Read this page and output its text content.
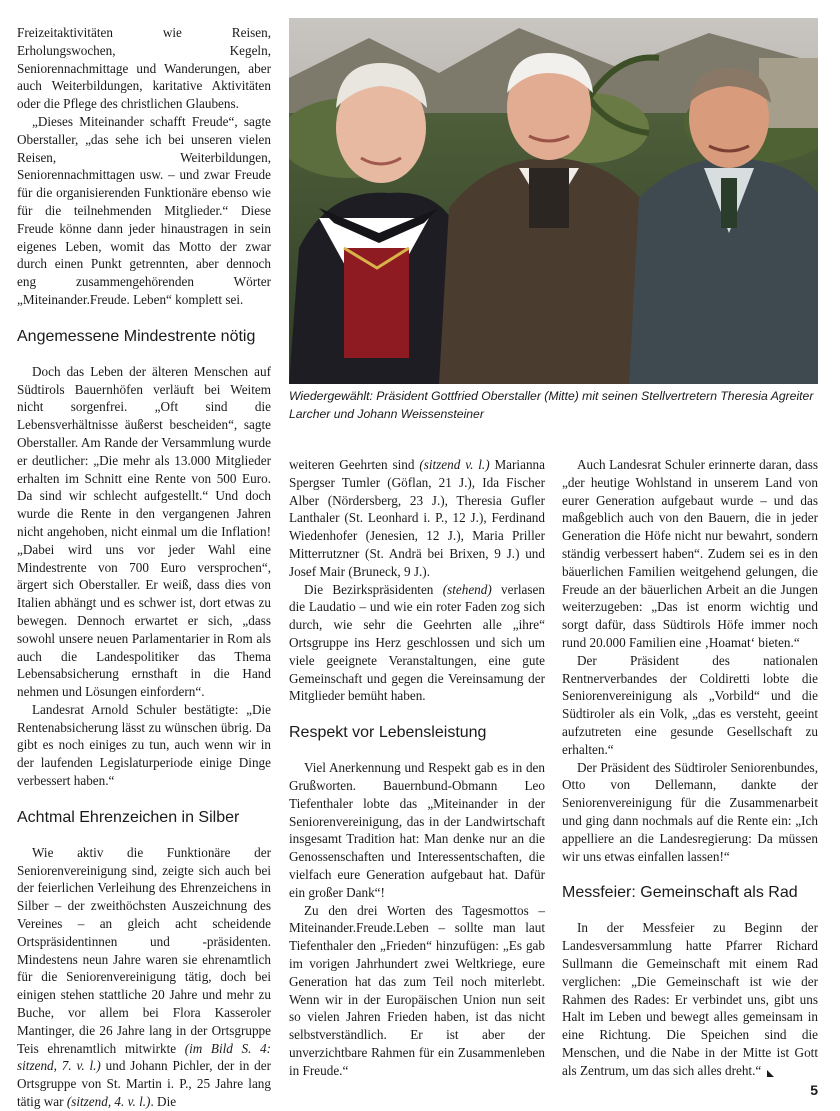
Wiedergewählt: Präsident Gottfried Oberstaller (Mitte) mit seinen Stellvertretern Theresia Agreiter Larcher und Johann Weissensteiner

Freizeitaktivitäten wie Reisen, Erholungswochen, Kegeln, Seniorennachmittage und Wanderungen, aber auch Weiterbildungen, karitative Aktivitäten oder die Pflege des christlichen Glaubens.

„Dieses Miteinander schafft Freude“, sagte Oberstaller, „das sehe ich bei unseren vielen Reisen, Weiterbildungen, Seniorennachmittagen usw. – und zwar Freude für die organisierenden Funktionäre ebenso wie für die teilnehmenden Mitglieder.“ Diese Freude könne dann jeder hinaustragen in sein eigenes Leben, womit das Motto der zwar durch einen Punkt getrennten, aber dennoch eng zusammengehörenden Wörter „Miteinander.Freude. Leben“ komplett sei.

Angemessene Mindestrente nötig

Doch das Leben der älteren Menschen auf Südtirols Bauernhöfen verläuft bei Weitem nicht sorgenfrei. „Oft sind die Lebensverhältnisse äußerst bescheiden“, sagte Oberstaller. Am Rande der Versammlung wurde er deutlicher: „Die mehr als 13.000 Mitglieder erhalten im Schnitt eine Rente von 500 Euro. Da sind wir schlecht aufgestellt.“ Und doch wurde die Rente in den vergangenen Jahren nicht angehoben, nicht einmal um die Inflation! „Dabei wird uns vor jeder Wahl eine Mindestrente von 700 Euro versprochen“, ärgert sich Oberstaller. Er weiß, dass dies von Italien abhängt und es schwer ist, dort etwas zu bewegen. Dennoch erwartet er sich, „dass sowohl unsere neuen Parlamentarier in Rom als auch die Landespolitiker das Thema Lebensabsicherung ernsthaft in die Hand nehmen und Lösungen einfordern“.

Landesrat Arnold Schuler bestätigte: „Die Rentenabsicherung lässt zu wünschen übrig. Da gibt es noch einiges zu tun, auch wenn wir in der laufenden Legislaturperiode einige Dinge verbessert haben.“

Achtmal Ehrenzeichen in Silber

Wie aktiv die Funktionäre der Seniorenvereinigung sind, zeigte sich auch bei der feierlichen Verleihung des Ehrenzeichens in Silber – der zweithöchsten Auszeichnung des Vereines – an gleich acht scheidende Ortspräsidentinnen und -präsidenten. Mindestens neun Jahre waren sie ehrenamtlich für die Seniorenvereinigung tätig, doch bei einigen stehen stattliche 20 Jahre und mehr zu Buche, vor allem bei Flora Kasseroler Mantinger, die 26 Jahre lang in der Ortsgruppe Teis ehrenamtlich mitwirkte (im Bild S. 4: sitzend, 7. v. l.) und Johann Pichler, der in der Ortsgruppe von St. Martin i. P., 25 Jahre lang tätig war (sitzend, 4. v. l.). Die

weiteren Geehrten sind (sitzend v. l.) Marianna Spergser Tumler (Göflan, 21 J.), Ida Fischer Alber (Nördersberg, 23 J.), Theresia Gufler Lanthaler (St. Leonhard i. P., 12 J.), Ferdinand Wiedenhofer (Jenesien, 12 J.), Maria Priller Mitterrutzner (St. Andrä bei Brixen, 9 J.) und Josef Mair (Bruneck, 9 J.).

Die Bezirkspräsidenten (stehend) verlasen die Laudatio – und wie ein roter Faden zog sich durch, wie sehr die Geehrten alle „ihre“ Ortsgruppe ins Herz geschlossen und sich um viele geeignete Veranstaltungen, eine gute Gemeinschaft und gegen die Vereinsamung der Mitglieder bemüht haben.

Respekt vor Lebensleistung

Viel Anerkennung und Respekt gab es in den Grußworten. Bauernbund-Obmann Leo Tiefenthaler lobte das „Miteinander in der Seniorenvereinigung, das in der Landwirtschaft insgesamt Tradition hat: Man denke nur an die Genossenschaften und Interessentschaften, die vielfach eure Generation aufgebaut hat. Dafür ein großer Dank“!

Zu den drei Worten des Tagesmottos – Miteinander.Freude.Leben – sollte man laut Tiefenthaler den „Frieden“ hinzufügen: „Es gab im vorigen Jahrhundert zwei Weltkriege, eure Generation hat das zum Teil noch miterlebt. Wenn wir in der Europäischen Union nun seit so vielen Jahren Frieden haben, ist das nicht selbstverständlich. Er ist aber der unverzichtbare Rahmen für ein Zusammenleben in Freude.“

Auch Landesrat Schuler erinnerte daran, dass „der heutige Wohlstand in unserem Land von eurer Generation aufgebaut wurde – und das maßgeblich auch von den Bauern, die in jeder Generation die Höfe nicht nur bewahrt, sondern ständig verbessert haben“. Zudem sei es in den bäuerlichen Familien weitgehend gelungen, die Freude an der bäuerlichen Arbeit an die Jungen weiterzugeben: „Das ist enorm wichtig und sorgt dafür, dass Südtirols Höfe immer noch rund 20.000 Familien eine ‚Hoamat‘ bieten.“

Der Präsident des nationalen Rentnerverbandes der Coldiretti lobte die Seniorenvereinigung als „Vorbild“ und die Südtiroler als ein Volk, „das es versteht, geeint aufzutreten eine gesunde Gesellschaft zu erhalten.“

Der Präsident des Südtiroler Seniorenbundes, Otto von Dellemann, dankte der Seniorenvereinigung für die Zusammenarbeit und ging dann nochmals auf die Rente ein: „Ich appelliere an die Landesregierung: Da müssen wir uns etwas einfallen lassen!“

Messfeier: Gemeinschaft als Rad

In der Messfeier zu Beginn der Landesversammlung hatte Pfarrer Richard Sullmann die Gemeinschaft mit einem Rad verglichen: „Die Gemeinschaft ist wie der Rahmen des Rades: Er verbindet uns, gibt uns Halt im Leben und bewegt alles gemeinsam in eine Richtung. Die Speichen sind die Menschen, und die Nabe in der Mitte ist Gott als Zentrum, um das sich alles dreht.“

5
